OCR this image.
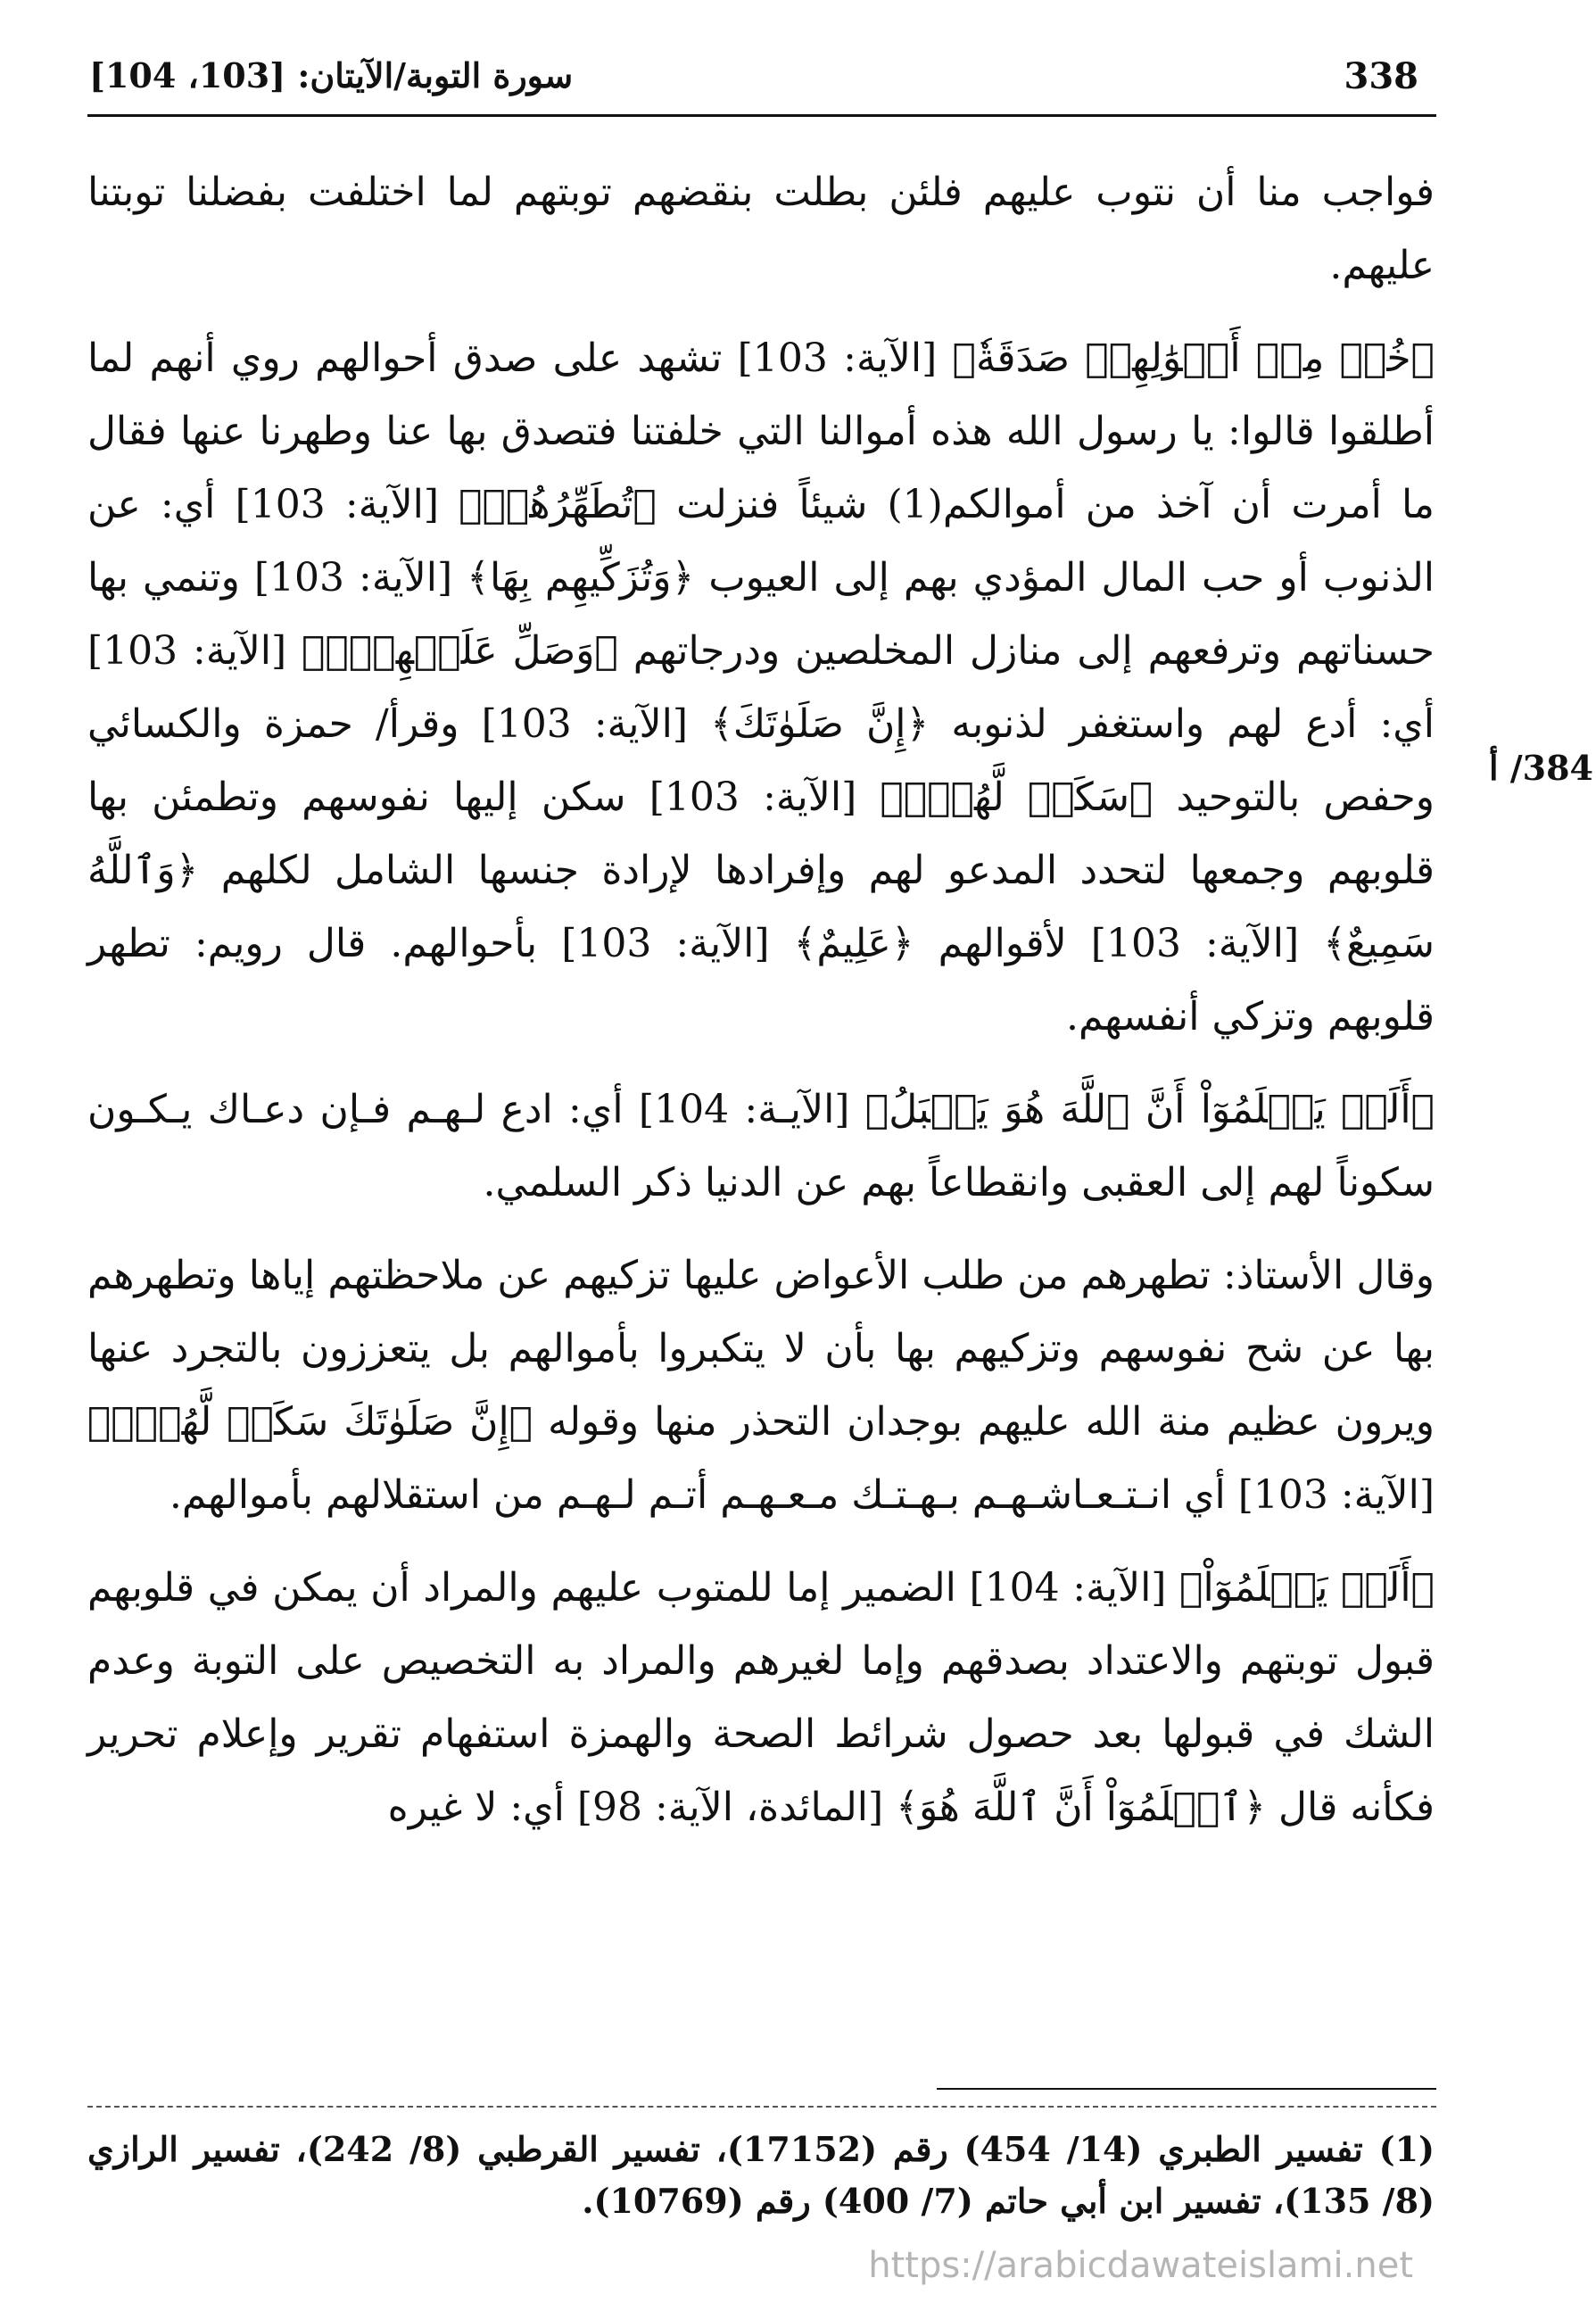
338
سورة التوبة/الآيتان: [103، 104]
384/ أ

فواجب منا أن نتوب عليهم فلئن بطلت بنقضهم توبتهم لما اختلفت بفضلنا توبتنا عليهم.

﴿خُذۡ مِنۡ أَمۡوَٰلِهِمۡ صَدَقَةٗ﴾ [الآية: 103] تشهد على صدق أحوالهم روي أنهم لما أطلقوا قالوا: يا رسول الله هذه أموالنا التي خلفتنا فتصدق بها عنا وطهرنا عنها فقال ما أمرت أن آخذ من أموالكم(1) شيئاً فنزلت ﴿تُطَهِّرُهُمۡ﴾ [الآية: 103] أي: عن الذنوب أو حب المال المؤدي بهم إلى العيوب ﴿وَتُزَكِّيهِم بِهَا﴾ [الآية: 103] وتنمي بها حسناتهم وترفعهم إلى منازل المخلصين ودرجاتهم ﴿وَصَلِّ عَلَيۡهِمۡۖ﴾ [الآية: 103] أي: أدع لهم واستغفر لذنوبه ﴿إِنَّ صَلَوٰتَكَ﴾ [الآية: 103] وقرأ/ حمزة والكسائي وحفص بالتوحيد ﴿سَكَنٞ لَّهُمۡۗ﴾ [الآية: 103] سكن إليها نفوسهم وتطمئن بها قلوبهم وجمعها لتحدد المدعو لهم وإفرادها لإرادة جنسها الشامل لكلهم ﴿وَٱللَّهُ سَمِيعٌ﴾ [الآية: 103] لأقوالهم ﴿عَلِيمٌ﴾ [الآية: 103] بأحوالهم. قال رويم: تطهر قلوبهم وتزكي أنفسهم.

﴿أَلَمۡ يَعۡلَمُوٓاْ أَنَّ ٱللَّهَ هُوَ يَقۡبَلُ﴾ [الآيـة: 104] أي: ادع لـهـم فـإن دعـاك يـكـون سكوناً لهم إلى العقبى وانقطاعاً بهم عن الدنيا ذكر السلمي.

وقال الأستاذ: تطهرهم من طلب الأعواض عليها تزكيهم عن ملاحظتهم إياها وتطهرهم بها عن شح نفوسهم وتزكيهم بها بأن لا يتكبروا بأموالهم بل يتعززون بالتجرد عنها ويرون عظيم منة الله عليهم بوجدان التحذر منها وقوله ﴿إِنَّ صَلَوٰتَكَ سَكَنٞ لَّهُمۡۗ﴾ [الآية: 103] أي انـتـعـاشـهـم بـهـتـك مـعـهـم أتـم لـهـم من استقلالهم بأموالهم.

﴿أَلَمۡ يَعۡلَمُوٓاْ﴾ [الآية: 104] الضمير إما للمتوب عليهم والمراد أن يمكن في قلوبهم قبول توبتهم والاعتداد بصدقهم وإما لغيرهم والمراد به التخصيص على التوبة وعدم الشك في قبولها بعد حصول شرائط الصحة والهمزة استفهام تقرير وإعلام تحرير فكأنه قال ﴿ٱعۡلَمُوٓاْ أَنَّ ٱللَّهَ هُوَ﴾ [المائدة، الآية: 98] أي: لا غيره

(1) تفسير الطبري (14/ 454) رقم (17152)، تفسير القرطبي (8/ 242)، تفسير الرازي (8/ 135)، تفسير ابن أبي حاتم (7/ 400) رقم (10769).
https://arabicdawateislami.net
